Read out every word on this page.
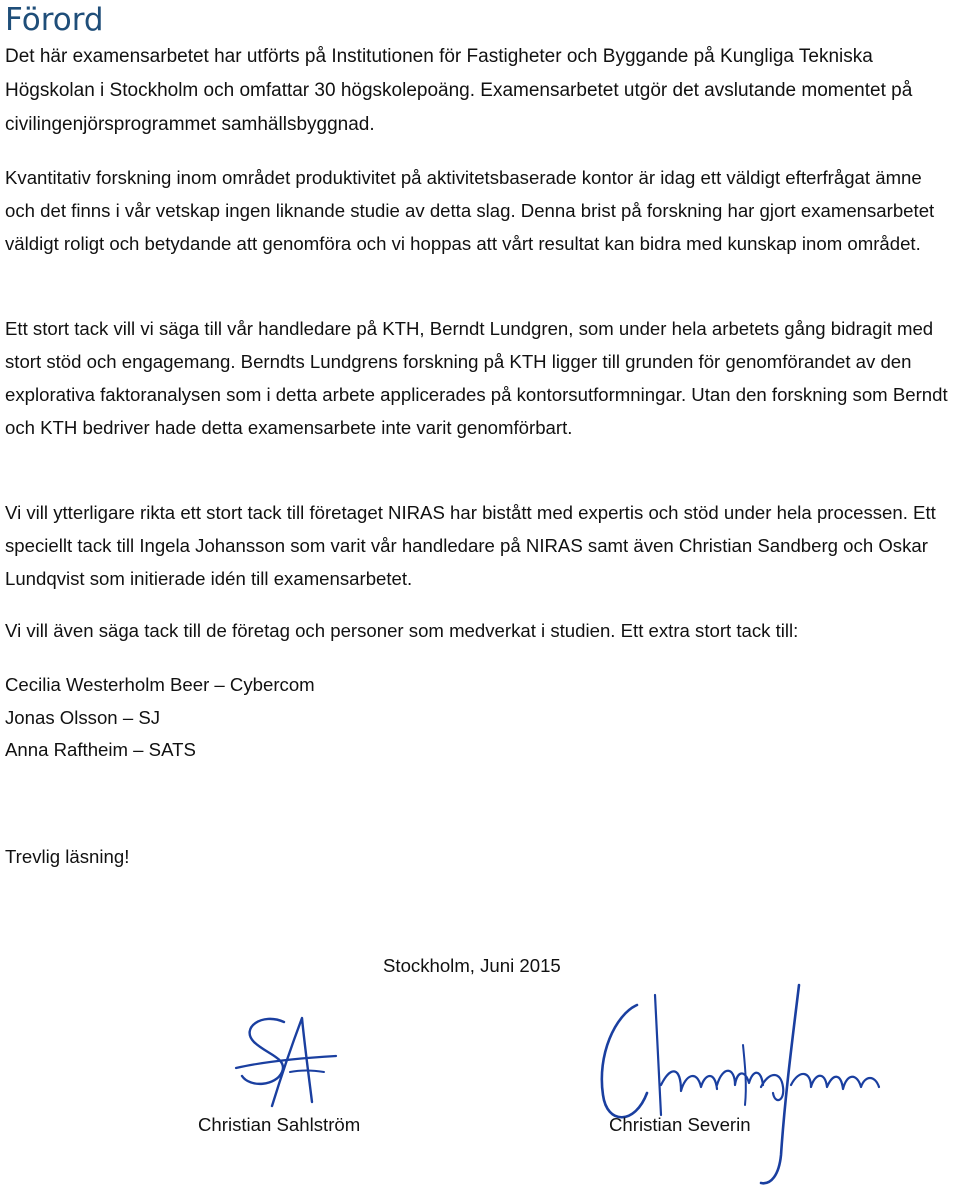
Förord

Det här examensarbetet har utförts på Institutionen för Fastigheter och Byggande på Kungliga Tekniska Högskolan i Stockholm och omfattar 30 högskolepoäng. Examensarbetet utgör det avslutande momentet på civilingenjörsprogrammet samhällsbyggnad.

Kvantitativ forskning inom området produktivitet på aktivitetsbaserade kontor är idag ett väldigt efterfrågat ämne och det finns i vår vetskap ingen liknande studie av detta slag. Denna brist på forskning har gjort examensarbetet väldigt roligt och betydande att genomföra och vi hoppas att vårt resultat kan bidra med kunskap inom området.

Ett stort tack vill vi säga till vår handledare på KTH, Berndt Lundgren, som under hela arbetets gång bidragit med stort stöd och engagemang. Berndts Lundgrens forskning på KTH ligger till grunden för genomförandet av den explorativa faktoranalysen som i detta arbete applicerades på kontorsutformningar. Utan den forskning som Berndt och KTH bedriver hade detta examensarbete inte varit genomförbart.

Vi vill ytterligare rikta ett stort tack till företaget NIRAS har bistått med expertis och stöd under hela processen. Ett speciellt tack till Ingela Johansson som varit vår handledare på NIRAS samt även Christian Sandberg och Oskar Lundqvist som initierade idén till examensarbetet.

Vi vill även säga tack till de företag och personer som medverkat i studien. Ett extra stort tack till:

Cecilia Westerholm Beer – Cybercom
Jonas Olsson – SJ
Anna Raftheim – SATS
Trevlig läsning!
Stockholm, Juni 2015
Christian Sahlström	Christian Severin
